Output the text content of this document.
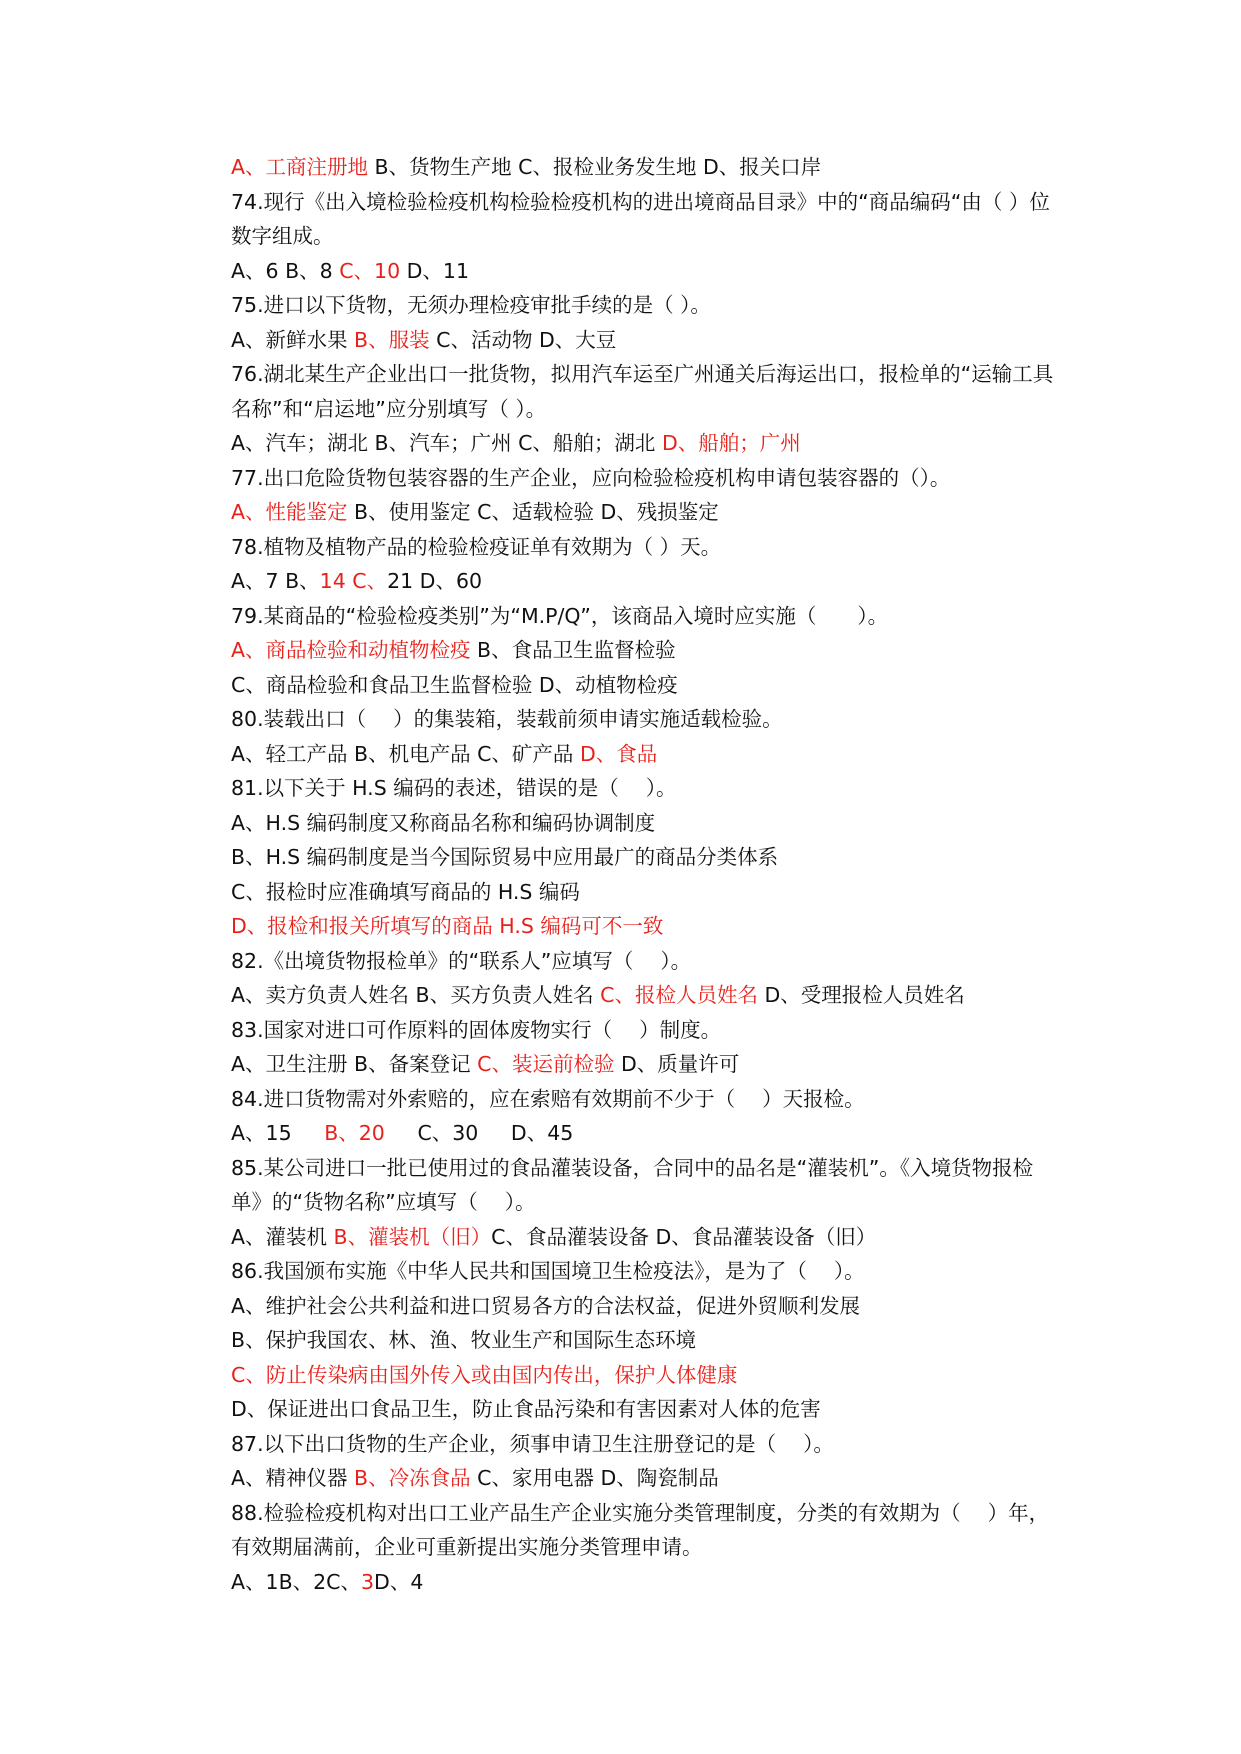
A、工商注册地 B、货物生产地 C、报检业务发生地 D、报关口岸
74.现行《出入境检验检疫机构检验检疫机构的进出境商品目录》中的“商品编码“由（ ）位数字组成。
A、6 B、8 C、10 D、11
75.进口以下货物，无须办理检疫审批手续的是（ ）。
A、新鲜水果 B、服装 C、活动物 D、大豆
76.湖北某生产企业出口一批货物，拟用汽车运至广州通关后海运出口，报检单的“运输工具名称”和“启运地”应分别填写（ ）。
A、汽车；湖北 B、汽车；广州 C、船舶；湖北 D、船舶；广州
77.出口危险货物包装容器的生产企业，应向检验检疫机构申请包装容器的（）。
A、性能鉴定 B、使用鉴定 C、适载检验 D、残损鉴定
78.植物及植物产品的检验检疫证单有效期为（ ）天。
A、7 B、14 C、21 D、60
79.某商品的“检验检疫类别”为“M.P/Q”，该商品入境时应实施（　　）。
A、商品检验和动植物检疫 B、食品卫生监督检验
C、商品检验和食品卫生监督检验 D、动植物检疫
80.装载出口（　 ）的集装箱，装载前须申请实施适载检验。
A、轻工产品 B、机电产品 C、矿产品 D、食品
81.以下关于 H.S 编码的表述，错误的是（　 ）。
A、H.S 编码制度又称商品名称和编码协调制度
B、H.S 编码制度是当今国际贸易中应用最广的商品分类体系
C、报检时应准确填写商品的 H.S 编码
D、报检和报关所填写的商品 H.S 编码可不一致
82.《出境货物报检单》的“联系人”应填写（　 ）。
A、卖方负责人姓名 B、买方负责人姓名 C、报检人员姓名 D、受理报检人员姓名
83.国家对进口可作原料的固体废物实行（　 ）制度。
A、卫生注册 B、备案登记 C、装运前检验 D、质量许可
84.进口货物需对外索赔的，应在索赔有效期前不少于（　 ）天报检。
A、15     B、20     C、30     D、45
85.某公司进口一批已使用过的食品灌装设备，合同中的品名是“灌装机”。《入境货物报检单》的“货物名称”应填写（　 ）。
A、灌装机 B、灌装机（旧）C、食品灌装设备 D、食品灌装设备（旧）
86.我国颁布实施《中华人民共和国国境卫生检疫法》，是为了（　 ）。
A、维护社会公共利益和进口贸易各方的合法权益，促进外贸顺利发展
B、保护我国农、林、渔、牧业生产和国际生态环境
C、防止传染病由国外传入或由国内传出，保护人体健康
D、保证进出口食品卫生，防止食品污染和有害因素对人体的危害
87.以下出口货物的生产企业，须事申请卫生注册登记的是（　 ）。
A、精神仪器 B、冷冻食品 C、家用电器 D、陶瓷制品
88.检验检疫机构对出口工业产品生产企业实施分类管理制度，分类的有效期为（　 ）年，有效期届满前，企业可重新提出实施分类管理申请。
A、1B、2C、3D、4
